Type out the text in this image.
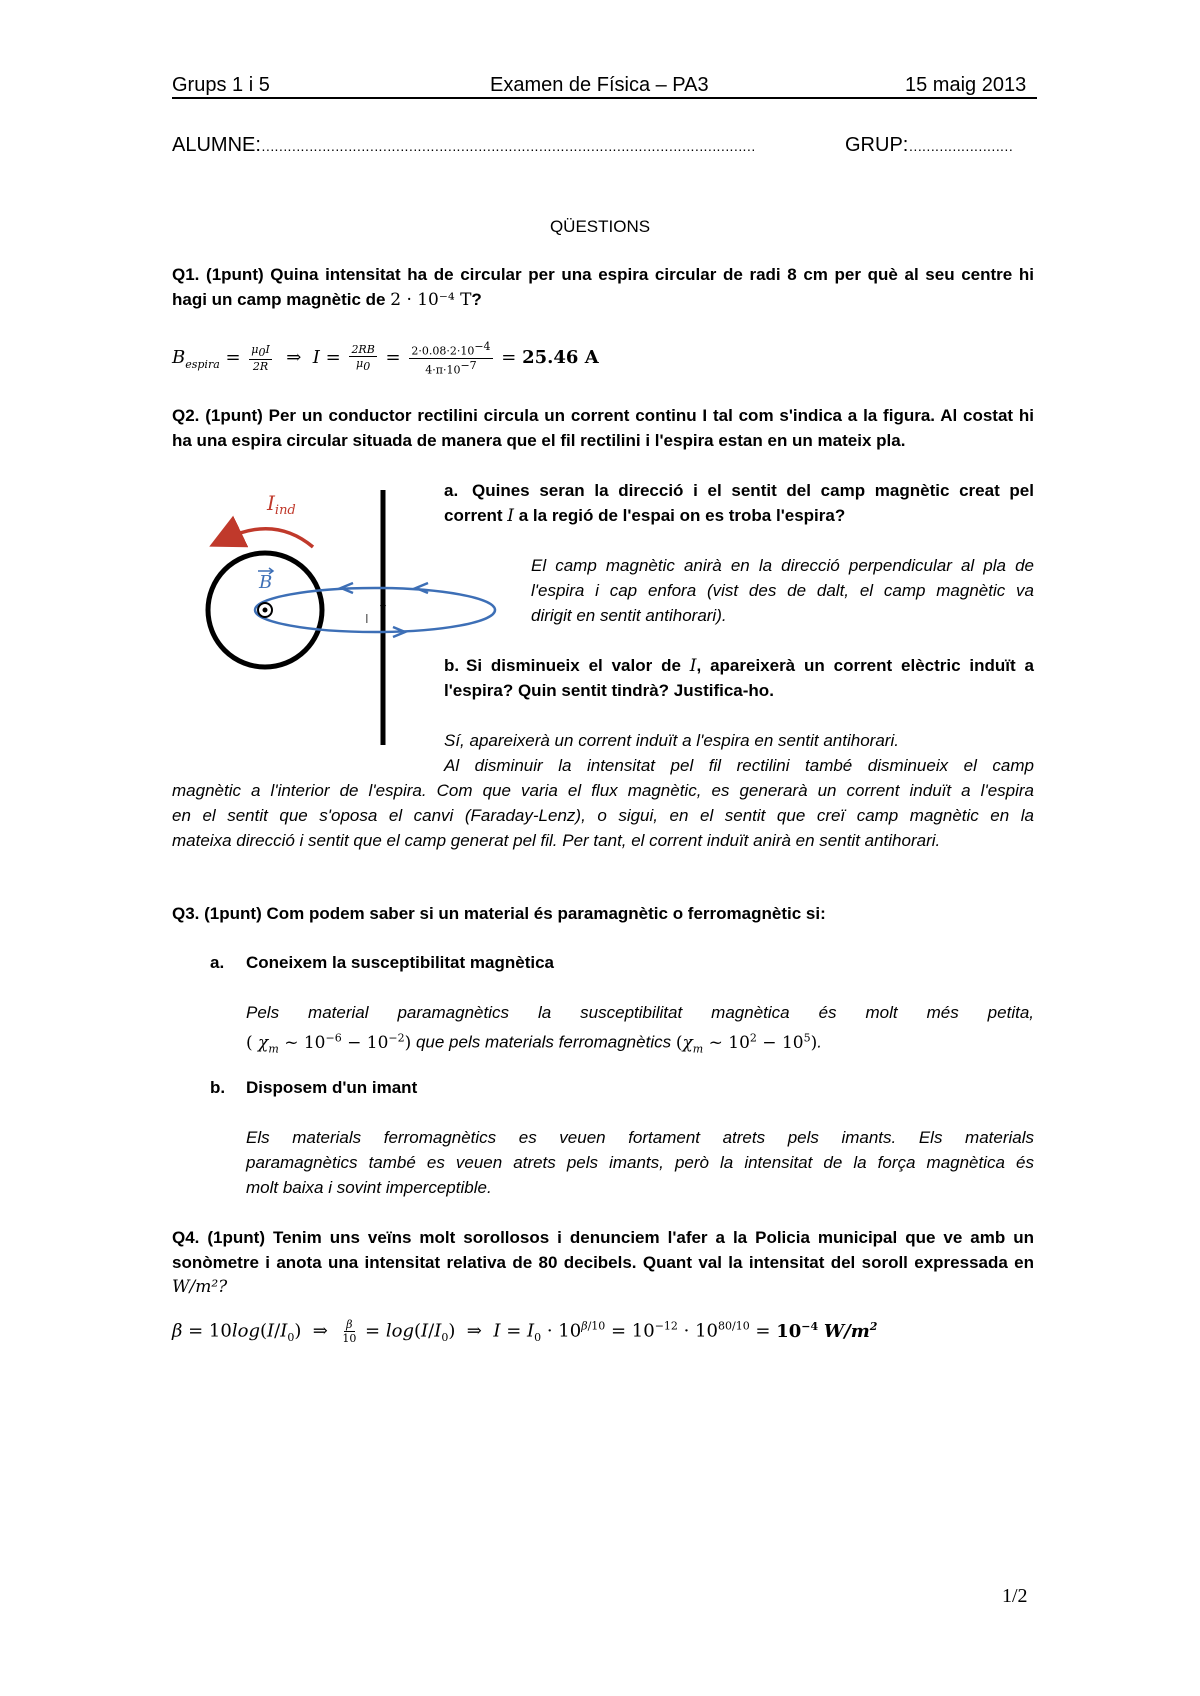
Grups 1 i 5	Examen de Física – PA3	15 maig 2013
ALUMNE:……………………………………………………………………………………………………	GRUP:……………………
QÜESTIONS
Q1. (1punt) Quina intensitat ha de circular per una espira circular de radi 8 cm per què al seu centre hi
hagi un camp magnètic de 2 · 10⁻⁴ T?
$B_{espira} = \frac{\mu_0I}{2R}$ ⇒  $I = \frac{2RB}{\mu_0} = \frac{2\cdot 0.08\cdot 2\cdot 10^{-4}}{4\cdot\pi\cdot 10^{-7}} = 25.46$ A
Q2. (1punt) Per un conductor rectilini circula un corrent continu I tal com s'indica a la figura. Al costat hi
ha una espira circular situada de manera que el fil rectilini i l'espira estan en un mateix pla.
$I_{ind}$
B
I
a. Quines seran la direcció i el sentit del camp magnètic creat pel
corrent I a la regió de l'espai on es troba l'espira?
El camp magnètic anirà en la direcció perpendicular al pla de
l'espira i cap enfora (vist des de dalt, el camp magnètic va
dirigit en sentit antihorari).
b. Si disminueix el valor de I, apareixerà un corrent elèctric induït a
l'espira? Quin sentit tindrà? Justifica-ho.
Sí, apareixerà un corrent induït a l'espira en sentit antihorari.
Al disminuir la intensitat pel fil rectilini també disminueix el camp
magnètic a l'interior de l'espira. Com que varia el flux magnètic, es generarà un corrent induït a l'espira
en el sentit que s'oposa el canvi (Faraday-Lenz), o sigui, en el sentit que creï camp magnètic en la
mateixa direcció i sentit que el camp generat pel fil. Per tant, el corrent induït anirà en sentit antihorari.
Q3. (1punt) Com podem saber si un material és paramagnètic o ferromagnètic si:
a. Coneixem la susceptibilitat magnètica
Pels material paramagnètics la susceptibilitat magnètica és molt més petita,
( $\chi_m$ ~ $10^{-6} - 10^{-2}$) que pels materials ferromagnètics ($\chi_m$ ~ $10^2 - 10^5$).
b. Disposem d'un imant
Els materials ferromagnètics es veuen fortament atrets pels imants. Els materials
paramagnètics també es veuen atrets pels imants, però la intensitat de la força magnètica és
molt baixa i sovint imperceptible.
Q4. (1punt) Tenim uns veïns molt sorollosos i denunciem l'afer a la Policia municipal que ve amb un
sonòmetre i anota una intensitat relativa de 80 decibels. Quant val la intensitat del soroll expressada en
W/m²?
$\beta = 10\log(I/I_0)$  ⇒ $\frac{\beta}{10} = \log(I/I_0)$  ⇒  $I = I_0 \cdot 10^{\beta/10} = 10^{-12} \cdot 10^{80/10} = 10^{-4}$ $W/m^2$
1/2
